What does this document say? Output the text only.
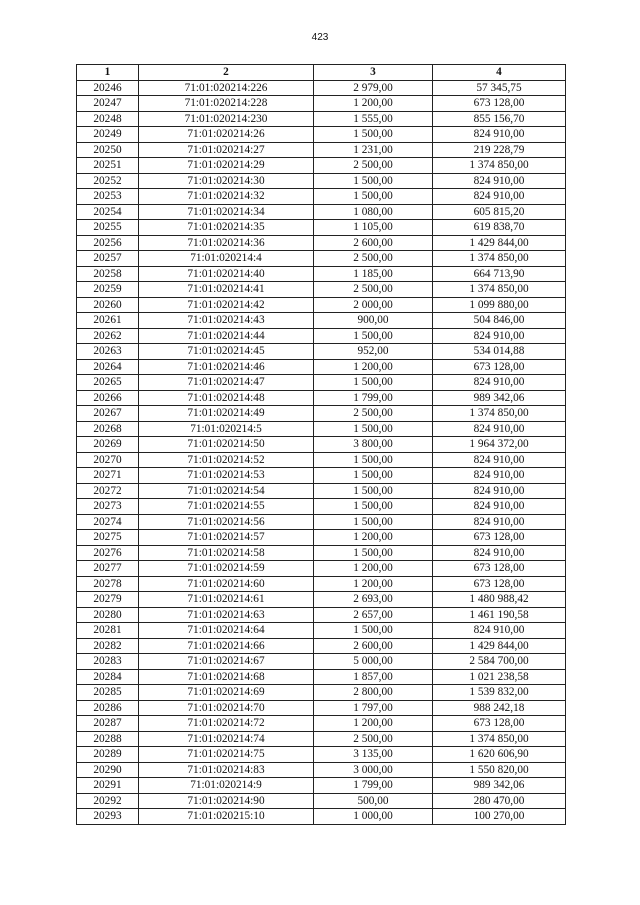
423
1	2	3	4
20246	71:01:020214:226	2 979,00	57 345,75
20247	71:01:020214:228	1 200,00	673 128,00
20248	71:01:020214:230	1 555,00	855 156,70
20249	71:01:020214:26	1 500,00	824 910,00
20250	71:01:020214:27	1 231,00	219 228,79
20251	71:01:020214:29	2 500,00	1 374 850,00
20252	71:01:020214:30	1 500,00	824 910,00
20253	71:01:020214:32	1 500,00	824 910,00
20254	71:01:020214:34	1 080,00	605 815,20
20255	71:01:020214:35	1 105,00	619 838,70
20256	71:01:020214:36	2 600,00	1 429 844,00
20257	71:01:020214:4	2 500,00	1 374 850,00
20258	71:01:020214:40	1 185,00	664 713,90
20259	71:01:020214:41	2 500,00	1 374 850,00
20260	71:01:020214:42	2 000,00	1 099 880,00
20261	71:01:020214:43	900,00	504 846,00
20262	71:01:020214:44	1 500,00	824 910,00
20263	71:01:020214:45	952,00	534 014,88
20264	71:01:020214:46	1 200,00	673 128,00
20265	71:01:020214:47	1 500,00	824 910,00
20266	71:01:020214:48	1 799,00	989 342,06
20267	71:01:020214:49	2 500,00	1 374 850,00
20268	71:01:020214:5	1 500,00	824 910,00
20269	71:01:020214:50	3 800,00	1 964 372,00
20270	71:01:020214:52	1 500,00	824 910,00
20271	71:01:020214:53	1 500,00	824 910,00
20272	71:01:020214:54	1 500,00	824 910,00
20273	71:01:020214:55	1 500,00	824 910,00
20274	71:01:020214:56	1 500,00	824 910,00
20275	71:01:020214:57	1 200,00	673 128,00
20276	71:01:020214:58	1 500,00	824 910,00
20277	71:01:020214:59	1 200,00	673 128,00
20278	71:01:020214:60	1 200,00	673 128,00
20279	71:01:020214:61	2 693,00	1 480 988,42
20280	71:01:020214:63	2 657,00	1 461 190,58
20281	71:01:020214:64	1 500,00	824 910,00
20282	71:01:020214:66	2 600,00	1 429 844,00
20283	71:01:020214:67	5 000,00	2 584 700,00
20284	71:01:020214:68	1 857,00	1 021 238,58
20285	71:01:020214:69	2 800,00	1 539 832,00
20286	71:01:020214:70	1 797,00	988 242,18
20287	71:01:020214:72	1 200,00	673 128,00
20288	71:01:020214:74	2 500,00	1 374 850,00
20289	71:01:020214:75	3 135,00	1 620 606,90
20290	71:01:020214:83	3 000,00	1 550 820,00
20291	71:01:020214:9	1 799,00	989 342,06
20292	71:01:020214:90	500,00	280 470,00
20293	71:01:020215:10	1 000,00	100 270,00
